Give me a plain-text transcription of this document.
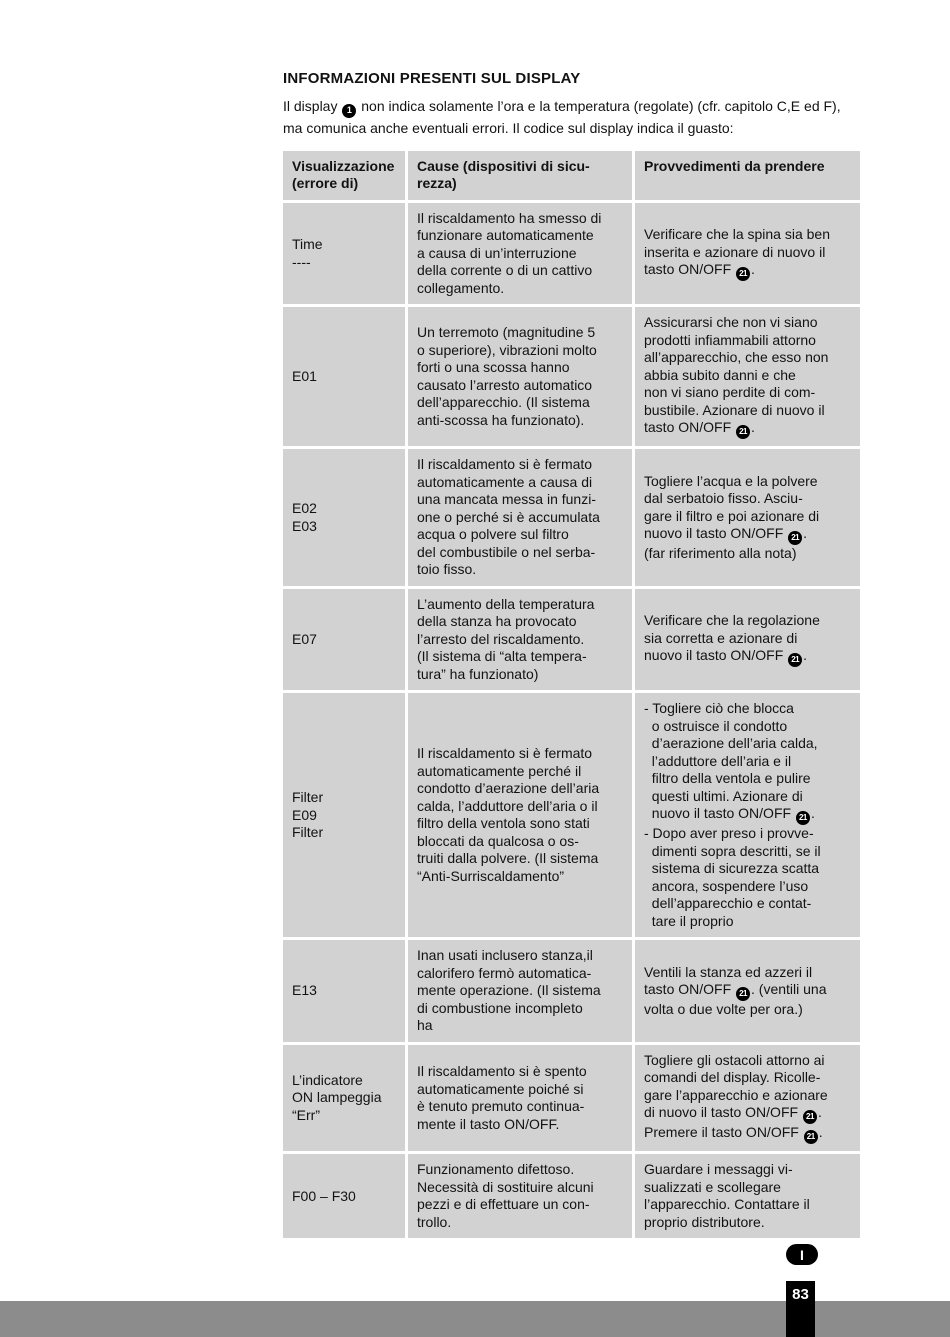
INFORMAZIONI PRESENTI SUL DISPLAY

Il display 1 non indica solamente l’ora e la temperatura (regolate) (cfr. capitolo C,E ed F), ma comunica anche eventuali errori. Il codice sul display indica il guasto:

Visualizzazione
(errore di)
Cause (dispositivi di sicu-
rezza)
Provvedimenti da prendere
Time
----
Il riscaldamento ha smesso di
funzionare automaticamente
a causa di un’interruzione
della corrente o di un cattivo
collegamento.
Verificare che la spina sia ben
inserita e azionare di nuovo il
tasto ON/OFF 21 .
E01
Un terremoto (magnitudine 5
o superiore), vibrazioni molto
forti o una scossa hanno
causato l’arresto automatico
dell’apparecchio. (Il sistema
anti-scossa ha funzionato).
Assicurarsi che non vi siano
prodotti infiammabili attorno
all’apparecchio, che esso non
abbia subito danni e che
non vi siano perdite di com-
bustibile. Azionare di nuovo il
tasto ON/OFF 21 .
E02
E03
Il riscaldamento si è fermato
automaticamente a causa di
una mancata messa in funzi-
one o perché si è accumulata
acqua o polvere sul filtro
del combustibile o nel serba-
toio fisso.
Togliere l’acqua e la polvere
dal serbatoio fisso. Asciu-
gare il filtro e poi azionare di
nuovo il tasto ON/OFF 21 .
(far riferimento alla nota)
E07
L’aumento della temperatura
della stanza ha provocato
l’arresto del riscaldamento.
(Il sistema di “alta tempera-
tura” ha funzionato)
Verificare che la regolazione
sia corretta e azionare di
nuovo il tasto ON/OFF 21 .
Filter
E09
Filter
Il riscaldamento si è fermato
automaticamente perché il
condotto d’aerazione dell’aria
calda, l’adduttore dell’aria o il
filtro della ventola sono stati
bloccati da qualcosa o os-
truiti dalla polvere. (Il sistema
“Anti-Surriscaldamento”
- Togliere ciò che blocca
o ostruisce il condotto
d’aerazione dell’aria calda,
l’adduttore dell’aria e il
filtro della ventola e pulire
questi ultimi. Azionare di
nuovo il tasto ON/OFF 21 .
- Dopo aver preso i provve-
dimenti sopra descritti, se il
sistema di sicurezza scatta
ancora, sospendere l’uso
dell’apparecchio e contat-
tare il proprio
E13
Inan usati inclusero stanza,il
calorifero fermò automatica-
mente operazione. (Il sistema
di combustione incompleto
ha
Ventili la stanza ed azzeri il
tasto ON/OFF 21 . (ventili una
volta o due volte per ora.)
L’indicatore
ON lampeggia
“Err”
Il riscaldamento si è spento
automaticamente poiché si
è tenuto premuto continua-
mente il tasto ON/OFF.
Togliere gli ostacoli attorno ai
comandi del display. Ricolle-
gare l’apparecchio e azionare
di nuovo il tasto ON/OFF 21 .
Premere il tasto ON/OFF 21 .
F00 – F30
Funzionamento difettoso.
Necessità di sostituire alcuni
pezzi e di effettuare un con-
trollo.
Guardare i messaggi vi-
sualizzati e scollegare
l’apparecchio. Contattare il
proprio distributore.
I
83
